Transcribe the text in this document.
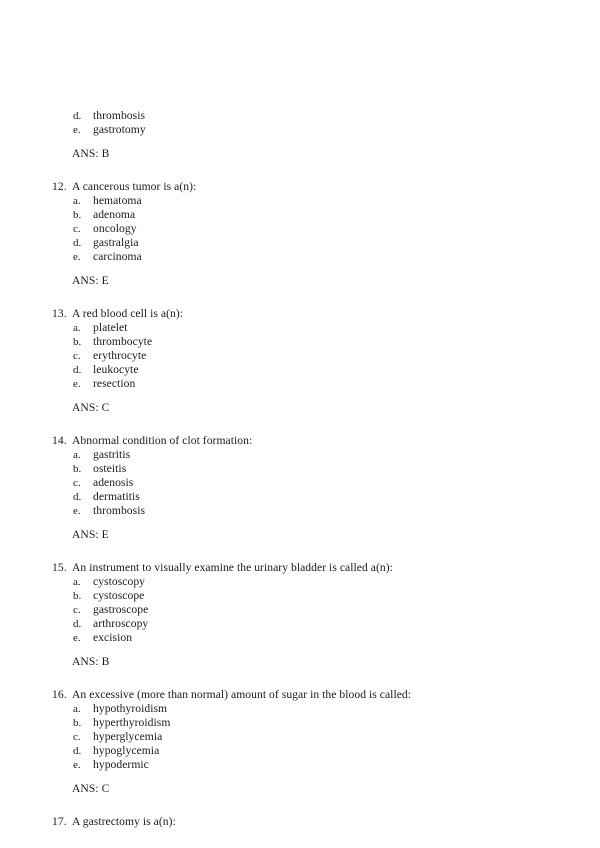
d.	thrombosis
e.	gastrotomy
ANS: B
12. A cancerous tumor is a(n):
a.	hematoma
b.	adenoma
c.	oncology
d.	gastralgia
e.	carcinoma
ANS: E
13. A red blood cell is a(n):
a.	platelet
b.	thrombocyte
c.	erythrocyte
d.	leukocyte
e.	resection
ANS: C
14. Abnormal condition of clot formation:
a.	gastritis
b.	osteitis
c.	adenosis
d.	dermatitis
e.	thrombosis
ANS: E
15. An instrument to visually examine the urinary bladder is called a(n):
a.	cystoscopy
b.	cystoscope
c.	gastroscope
d.	arthroscopy
e.	excision
ANS: B
16. An excessive (more than normal) amount of sugar in the blood is called:
a.	hypothyroidism
b.	hyperthyroidism
c.	hyperglycemia
d.	hypoglycemia
e.	hypodermic
ANS: C
17. A gastrectomy is a(n):
